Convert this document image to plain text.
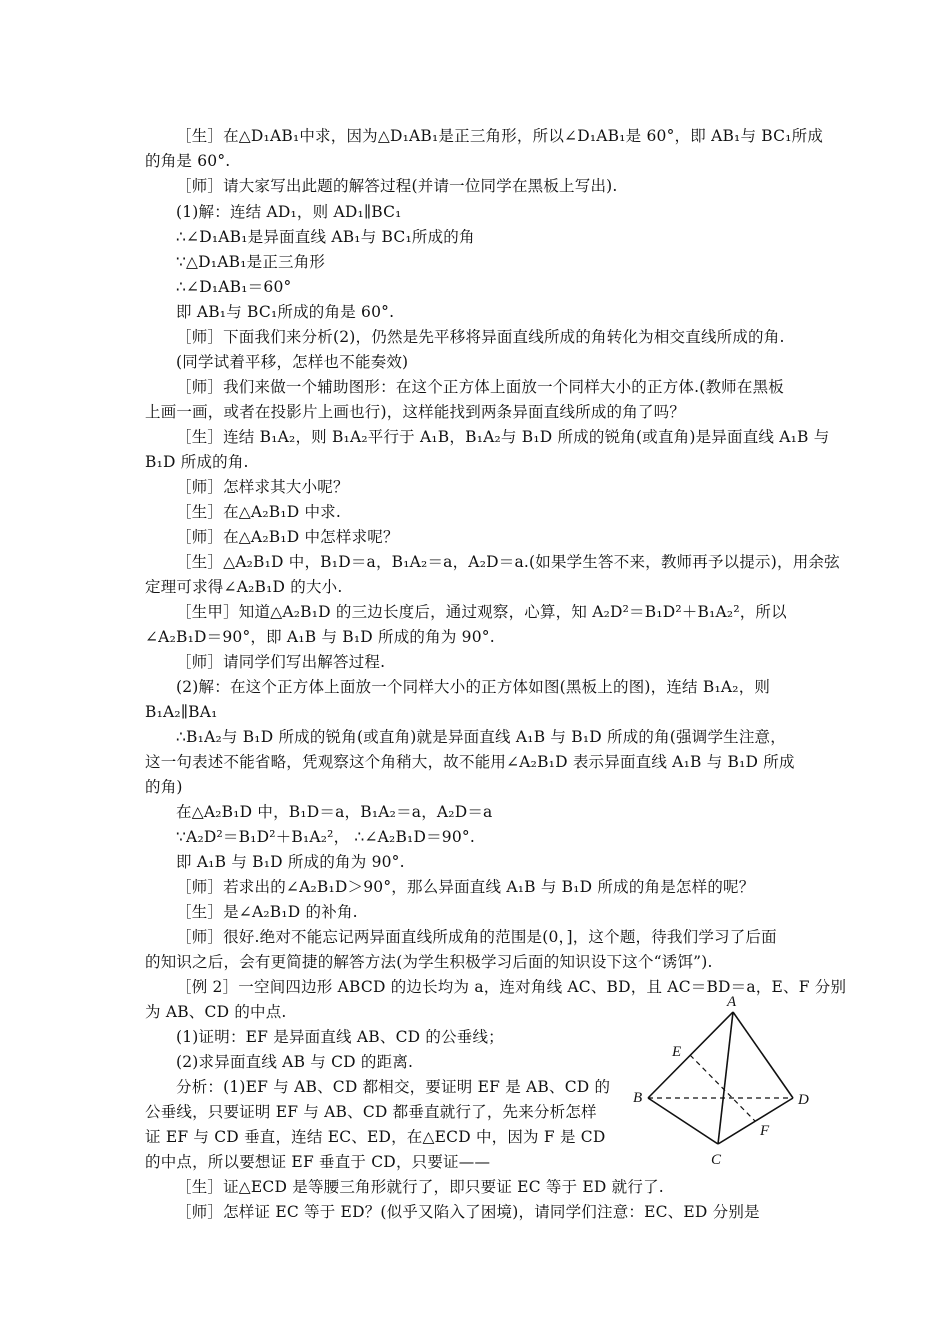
［生］在△D₁AB₁中求，因为△D₁AB₁是正三角形，所以∠D₁AB₁是 60°，即 AB₁与 BC₁所成
的角是 60°.
［师］请大家写出此题的解答过程(并请一位同学在黑板上写出).
(1)解：连结 AD₁，则 AD₁∥BC₁
∴∠D₁AB₁是异面直线 AB₁与 BC₁所成的角
∵△D₁AB₁是正三角形
∴∠D₁AB₁＝60°
即 AB₁与 BC₁所成的角是 60°.
［师］下面我们来分析(2)，仍然是先平移将异面直线所成的角转化为相交直线所成的角.
(同学试着平移，怎样也不能奏效)
［师］我们来做一个辅助图形：在这个正方体上面放一个同样大小的正方体.(教师在黑板
上画一画，或者在投影片上画也行)，这样能找到两条异面直线所成的角了吗？
［生］连结 B₁A₂，则 B₁A₂平行于 A₁B，B₁A₂与 B₁D 所成的锐角(或直角)是异面直线 A₁B 与
B₁D 所成的角.
［师］怎样求其大小呢？
［生］在△A₂B₁D 中求.
［师］在△A₂B₁D 中怎样求呢？
［生］△A₂B₁D 中，B₁D＝a，B₁A₂＝a，A₂D＝a.(如果学生答不来，教师再予以提示)，用余弦
定理可求得∠A₂B₁D 的大小.
［生甲］知道△A₂B₁D 的三边长度后，通过观察，心算，知 A₂D²＝B₁D²＋B₁A₂²，所以
∠A₂B₁D＝90°，即 A₁B 与 B₁D 所成的角为 90°.
［师］请同学们写出解答过程.
(2)解：在这个正方体上面放一个同样大小的正方体如图(黑板上的图)，连结 B₁A₂，则
B₁A₂∥BA₁
∴B₁A₂与 B₁D 所成的锐角(或直角)就是异面直线 A₁B 与 B₁D 所成的角(强调学生注意，
这一句表述不能省略，凭观察这个角稍大，故不能用∠A₂B₁D 表示异面直线 A₁B 与 B₁D 所成
的角)
在△A₂B₁D 中，B₁D＝a，B₁A₂＝a，A₂D＝a
∵A₂D²＝B₁D²＋B₁A₂²， ∴∠A₂B₁D＝90°.
即 A₁B 与 B₁D 所成的角为 90°.
［师］若求出的∠A₂B₁D＞90°，那么异面直线 A₁B 与 B₁D 所成的角是怎样的呢？
［生］是∠A₂B₁D 的补角.
［师］很好.绝对不能忘记两异面直线所成角的范围是(0，]，这个题，待我们学习了后面
的知识之后，会有更简捷的解答方法(为学生积极学习后面的知识设下这个“诱饵”).
［例 2］一空间四边形 ABCD 的边长均为 a，连对角线 AC、BD，且 AC＝BD＝a，E、F 分别
为 AB、CD 的中点.
(1)证明：EF 是异面直线 AB、CD 的公垂线；
(2)求异面直线 AB 与 CD 的距离.
分析：(1)EF 与 AB、CD 都相交，要证明 EF 是 AB、CD 的
公垂线，只要证明 EF 与 AB、CD 都垂直就行了，先来分析怎样
证 EF 与 CD 垂直，连结 EC、ED，在△ECD 中，因为 F 是 CD
的中点，所以要想证 EF 垂直于 CD，只要证——
［生］证△ECD 是等腰三角形就行了，即只要证 EC 等于 ED 就行了.
［师］怎样证 EC 等于 ED？(似乎又陷入了困境)，请同学们注意：EC、ED 分别是
A
B
C
D
E
F
